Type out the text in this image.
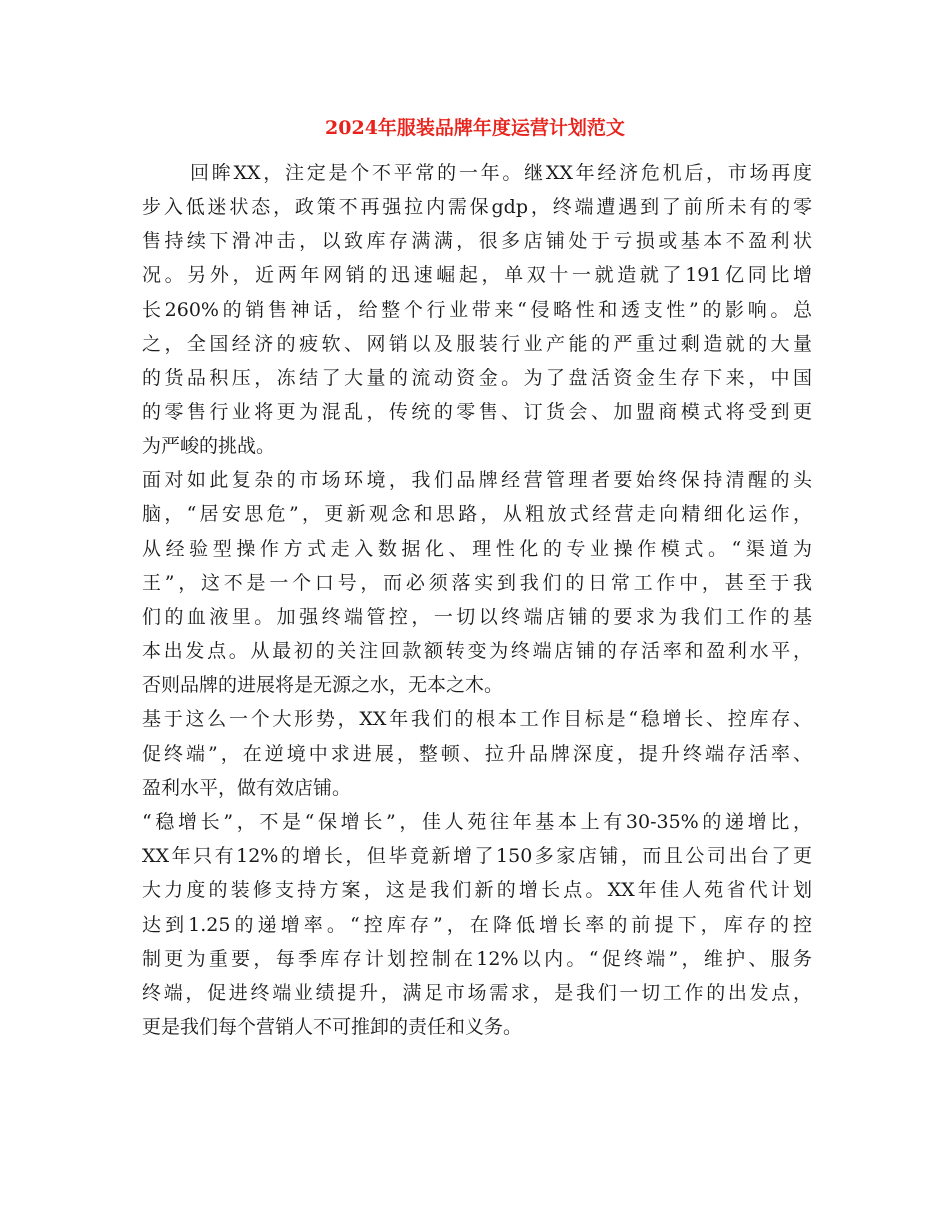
2024年服装品牌年度运营计划范文
回眸XX，注定是个不平常的一年。继XX年经济危机后，市场再度
步入低迷状态，政策不再强拉内需保gdp，终端遭遇到了前所未有的零
售持续下滑冲击，以致库存满满，很多店铺处于亏损或基本不盈利状
况。另外，近两年网销的迅速崛起，单双十一就造就了191亿同比增
长260%的销售神话，给整个行业带来“侵略性和透支性”的影响。总
之，全国经济的疲软、网销以及服装行业产能的严重过剩造就的大量
的货品积压，冻结了大量的流动资金。为了盘活资金生存下来，中国
的零售行业将更为混乱，传统的零售、订货会、加盟商模式将受到更
为严峻的挑战。
面对如此复杂的市场环境，我们品牌经营管理者要始终保持清醒的头
脑，“居安思危”，更新观念和思路，从粗放式经营走向精细化运作，
从经验型操作方式走入数据化、理性化的专业操作模式。“渠道为
王”，这不是一个口号，而必须落实到我们的日常工作中，甚至于我
们的血液里。加强终端管控，一切以终端店铺的要求为我们工作的基
本出发点。从最初的关注回款额转变为终端店铺的存活率和盈利水平，
否则品牌的进展将是无源之水，无本之木。
基于这么一个大形势，XX年我们的根本工作目标是“稳增长、控库存、
促终端”，在逆境中求进展，整顿、拉升品牌深度，提升终端存活率、
盈利水平，做有效店铺。
“稳增长”，不是“保增长”，佳人苑往年基本上有30-35%的递增比，
XX年只有12%的增长，但毕竟新增了150多家店铺，而且公司出台了更
大力度的装修支持方案，这是我们新的增长点。XX年佳人苑省代计划
达到1.25的递增率。“控库存”，在降低增长率的前提下，库存的控
制更为重要，每季库存计划控制在12%以内。“促终端”，维护、服务
终端，促进终端业绩提升，满足市场需求，是我们一切工作的出发点，
更是我们每个营销人不可推卸的责任和义务。
